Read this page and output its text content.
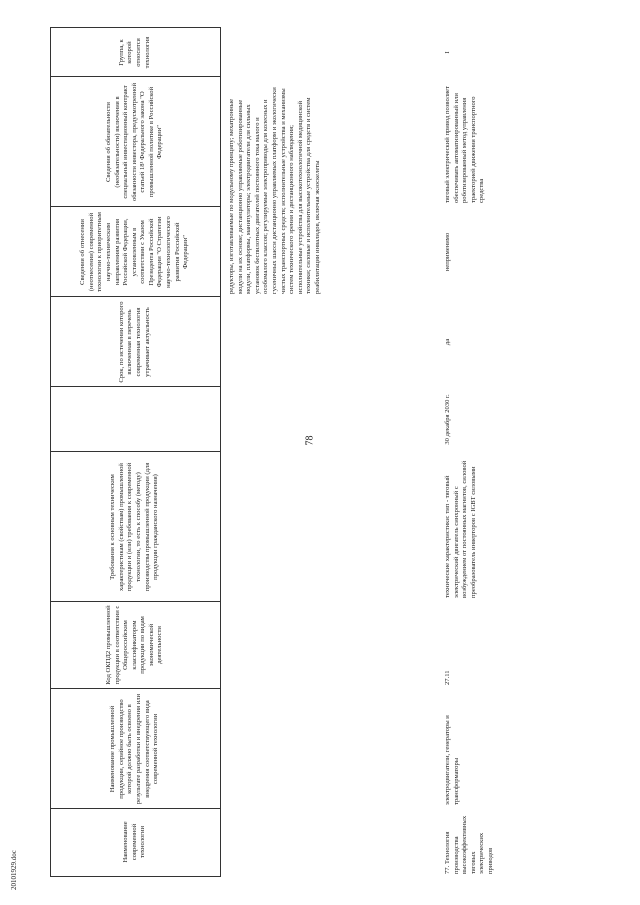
78
Наименование современной технологии
Наименование промышленной продукции, серийное производство которой должно быть освоено в результате разработки и внедрения или внедрения соответствующего вида современной технологии
Код ОКПД2 промышленной продукции в соответствии с Общероссийским классификатором продукции по видам экономической деятельности
Требования к основным техническим характеристикам (свойствам) промышленной продукции и (или) требования к современной технологии, то есть к способу (методу) производства промышленной продукции (для продукции гражданского назначения)
Срок, по истечении которого включенная в перечень современная технология утрачивает актуальность
Сведения об отнесении (неотнесении) современной технологии к приоритетным научно-техническим направлениям развития Российской Федерации, установленным в соответствии с Указом Президента Российской Федерации "О Стратегии научно-технологического развития Российской Федерации"
Сведения об обязательности (необязательности) включения в специальный инвестиционный контракт обязанности инвестора, предусмотренной статьей 18¹ Федерального закона "О промышленной политике в Российской Федерации"
Группа, к которой относится технология
редукторы, изготавливаемые по модульному принципу; мехатронные модули на их основе; дистанционно управляемые роботизированные модули, платформы, манипуляторы; электродвигатели для сильных установок беспилотных двигателей постоянного тока малого и особомалого классов; регулируемые электроприводы для колесных и гусеничных шасси дистанционно управляемых платформ и экологически чистых транспортных средств; исполнительные устройства и механизмы систем технического зрения и дистанционного наблюдения; исполнительные устройства для высокотехнологичной медицинской техники; силовые и исполнительные устройства для средств и систем реабилитации инвалидов, включая экзоскелеты
77. Технология производства высокоэффективных тяговых электрических приводов
электродвигатели, генераторы и трансформаторы
27.11
технические характеристики: тип - тяговый электрический двигатель синхронный с возбуждением от постоянных магнитов, силовой преобразователь инверторов с IGBT силовыми
30 декабря 2030 г.
да
неприменимо
тяговый электрический привод позволяет обеспечивать автоматизированный или роботизированный метод управления траекторией движения транспортного средства
I
20101929.doc
